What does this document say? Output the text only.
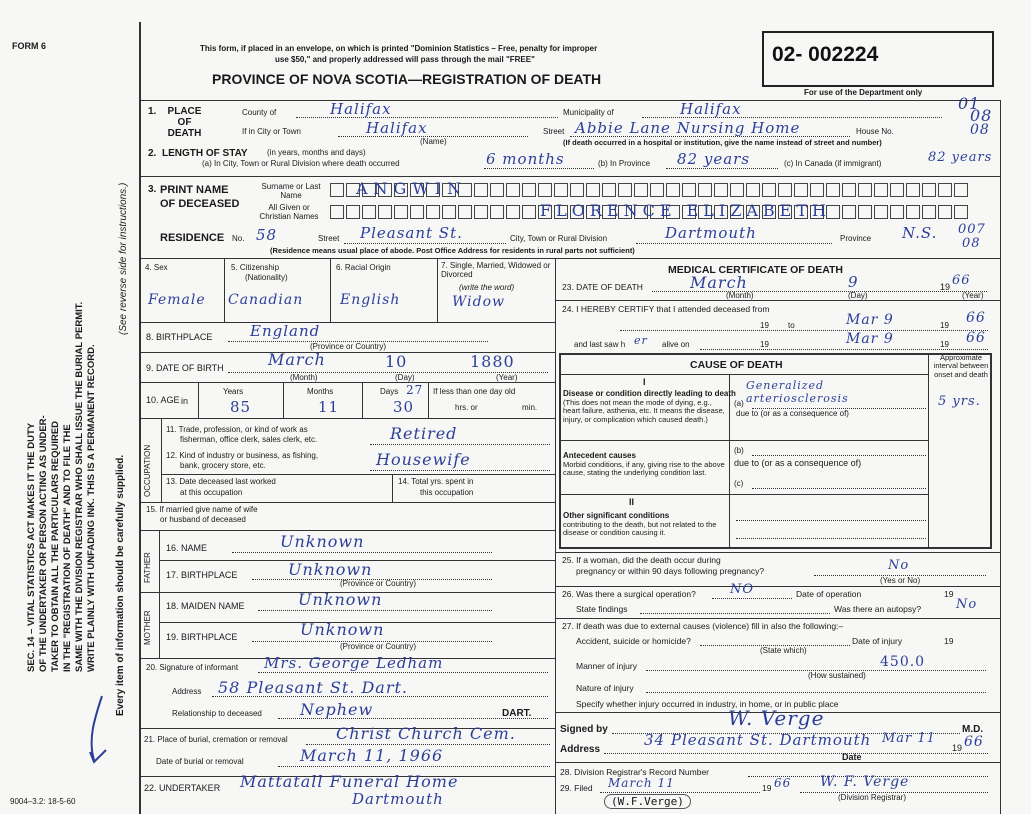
FORM 6
SEC. 14 – VITAL STATISTICS ACT MAKES IT THE DUTY OF THE UNDERTAKER OR PERSON ACTING AS UNDER- TAKER TO OBTAIN ALL THE PARTICULARS REQUIRED IN THE "REGISTRATION OF DEATH" AND TO FILE THE SAME WITH THE DIVISION REGISTRAR WHO SHALL ISSUE THE BURIAL PERMIT. WRITE PLAINLY WITH UNFADING INK. THIS IS A PERMANENT RECORD. Every item of information should be carefully supplied.
(See reverse side for instructions.)
9004–3.2: 18-5-60
This form, if placed in an envelope, on which is printed "Dominion Statistics – Free, penalty for improper
use $50," and properly addressed will pass through the mail "FREE"
PROVINCE OF NOVA SCOTIA—REGISTRATION OF DEATH
02- 002224
For use of the Department only
01
08
1.	PLACE OF DEATH
County of	Halifax	Municipality of	Halifax
If in City or Town	Halifax
(Name)
Street Abbie Lane Nursing Home	House No.
(If death occurred in a hospital or institution, give the name instead of street and number)
08
2. LENGTH OF STAY (in years, months and days)
(a) In City, Town or Rural Division where death occurred	6 months	(b) In Province 82 years	(c) In Canada (if immigrant)	82 years
3. PRINT NAME
OF DECEASED
Surname or Last Name
All Given or Christian Names
ANGWIN
FLORENCE ELIZABETH
RESIDENCE No. 58	Street Pleasant St.	City, Town or Rural Division	Dartmouth	Province N.S. 007
08
(Residence means usual place of abode. Post Office Address for residents in rural parts not sufficient)
4. Sex
Female
5. Citizenship
(Nationality)
Canadian
6. Racial Origin
English
7. Single, Married, Widowed or Divorced
(write the word)
Widow
8. BIRTHPLACE	England
(Province or Country)
9. DATE OF BIRTH	March	10	1880
(Month)	(Day)	(Year)
10. AGE in
Years
85
Months
11
Days 27
30
If less than one day old
hrs. or	min.
OCCUPATION
11. Trade, profession, or kind of work as
fisherman, office clerk, sales clerk, etc.	Retired
12. Kind of industry or business, as fishing,
bank, grocery store, etc.	Housewife
13. Date deceased last worked
at this occupation
14. Total yrs. spent in
this occupation
15. If married give name of wife
or husband of deceased
FATHER
MOTHER
16. NAME	Unknown
17. BIRTHPLACE	Unknown
(Province or Country)
18. MAIDEN NAME	Unknown
19. BIRTHPLACE	Unknown
(Province or Country)
20. Signature of informant Mrs. George Ledham
Address 58 Pleasant St. Dart.
Relationship to deceased Nephew	DART.
21. Place of burial, cremation or removal	Christ Church Cem.
Date of burial or removal	March 11, 1966
22. UNDERTAKER Mattatall Funeral Home
Dartmouth
MEDICAL CERTIFICATE OF DEATH
23. DATE OF DEATH	March	9	19 66
(Month)	(Day)	(Year)
24. I HEREBY CERTIFY that I attended deceased from
19 to	Mar 9	19 66
and last saw h er alive on	19	Mar 9	19 66
CAUSE OF DEATH
Approximate interval between onset and death
I
Disease or condition directly leading to death
(This does not mean the mode of dying, e.g., heart failure, asthenia, etc. It means the disease, injury, or complication which caused death.)
(a)
Generalized arteriosclerosis	5 yrs.
due to (or as a consequence of)
Antecedent causes
Morbid conditions, if any, giving rise to the above cause, stating the underlying condition last.
(b)
due to (or as a consequence of)
(c)
II
Other significant conditions
contributing to the death, but not related to the disease or condition causing it.
25. If a woman, did the death occur during
pregnancy or within 90 days following pregnancy?	No
(Yes or No)
26. Was there a surgical operation?	NO	Date of operation	19
State findings	Was there an autopsy?	No
27. If death was due to external causes (violence) fill in also the following:–
Accident, suicide or homicide?
(State which)
Date of injury	19
Manner of injury	450.0
(How sustained)
Nature of injury
Specify whether injury occurred in industry, in home, or in public place
Signed by	W. Verge	M.D.
Address
34 Pleasant St. Dartmouth
Date
Mar 11
19 66
28. Division Registrar's Record Number
29. Filed March 11	19 66 W. F. Verge
(Division Registrar)
(W.F.Verge)
